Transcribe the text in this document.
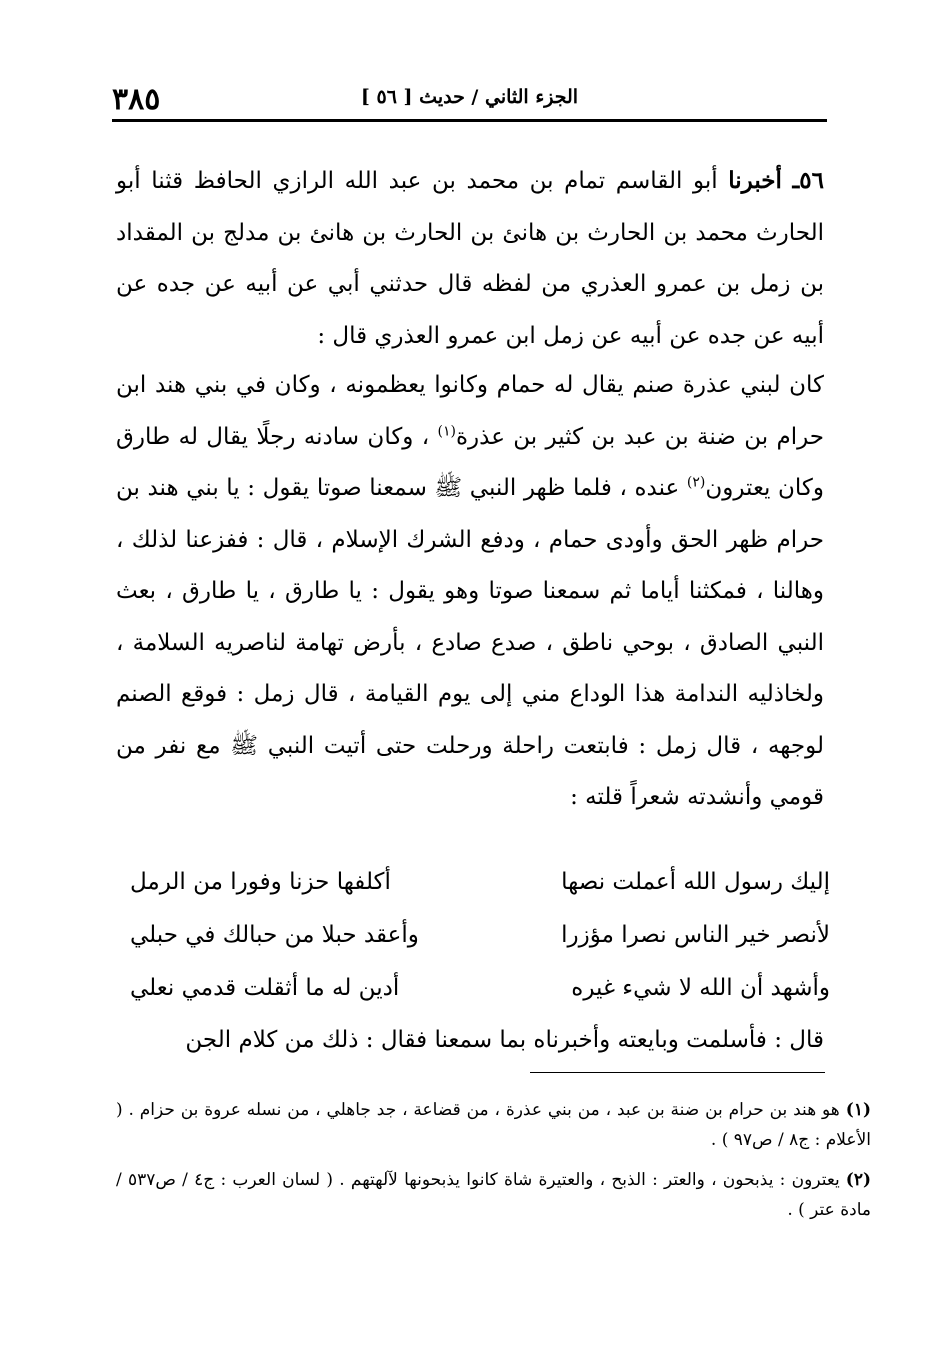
٣٨٥	الجزء الثاني / حديث [ ٥٦ ]
٥٦ـ أخبرنا أبو القاسم تمام بن محمد بن عبد الله الرازي الحافظ قثنا أبو الحارث محمد بن الحارث بن هانئ بن الحارث بن هانئ بن مدلج بن المقداد بن زمل بن عمرو العذري من لفظه قال حدثني أبي عن أبيه عن جده عن أبيه عن جده عن أبيه عن زمل ابن عمرو العذري قال :
كان لبني عذرة صنم يقال له حمام وكانوا يعظمونه ، وكان في بني هند ابن حرام بن ضنة بن عبد بن كثير بن عذرة$^{(١)}$ ، وكان سادنه رجلًا يقال له طارق وكان يعترون$^{(٢)}$ عنده ، فلما ظهر النبي ﷺ سمعنا صوتا يقول : يا بني هند بن حرام ظهر الحق وأودى حمام ، ودفع الشرك الإسلام ، قال : ففزعنا لذلك ، وهالنا ، فمكثنا أياما ثم سمعنا صوتا وهو يقول : يا طارق ، يا طارق ، بعث النبي الصادق ، بوحي ناطق ، صدع صادع ، بأرض تهامة لناصريه السلامة ، ولخاذليه الندامة هذا الوداع مني إلى يوم القيامة ، قال زمل : فوقع الصنم لوجهه ، قال زمل : فابتعت راحلة ورحلت حتى أتيت النبي ﷺ مع نفر من قومي وأنشدته شعراً قلته :
إليك رسول الله أعملت نصها
أكلفها حزنا وفورا من الرمل
لأنصر خير الناس نصرا مؤزرا
وأعقد حبلا من حبالك في حبلي
وأشهد أن الله لا شيء غيره
أدين له ما أثقلت قدمي نعلي
قال : فأسلمت وبايعته وأخبرناه بما سمعنا فقال : ذلك من كلام الجن
(١)هو هند بن حرام بن ضنة بن عبد ، من بني عذرة ، من قضاعة ، جد جاهلي ، من نسله عروة بن حزام . ( الأعلام : ج٨ / ص٩٧ ) .
(٢)يعترون : يذبحون ، والعتر : الذبح ، والعتيرة شاة كانوا يذبحونها لآلهتهم . ( لسان العرب : ج٤ / ص٥٣٧ / مادة عتر ) .
